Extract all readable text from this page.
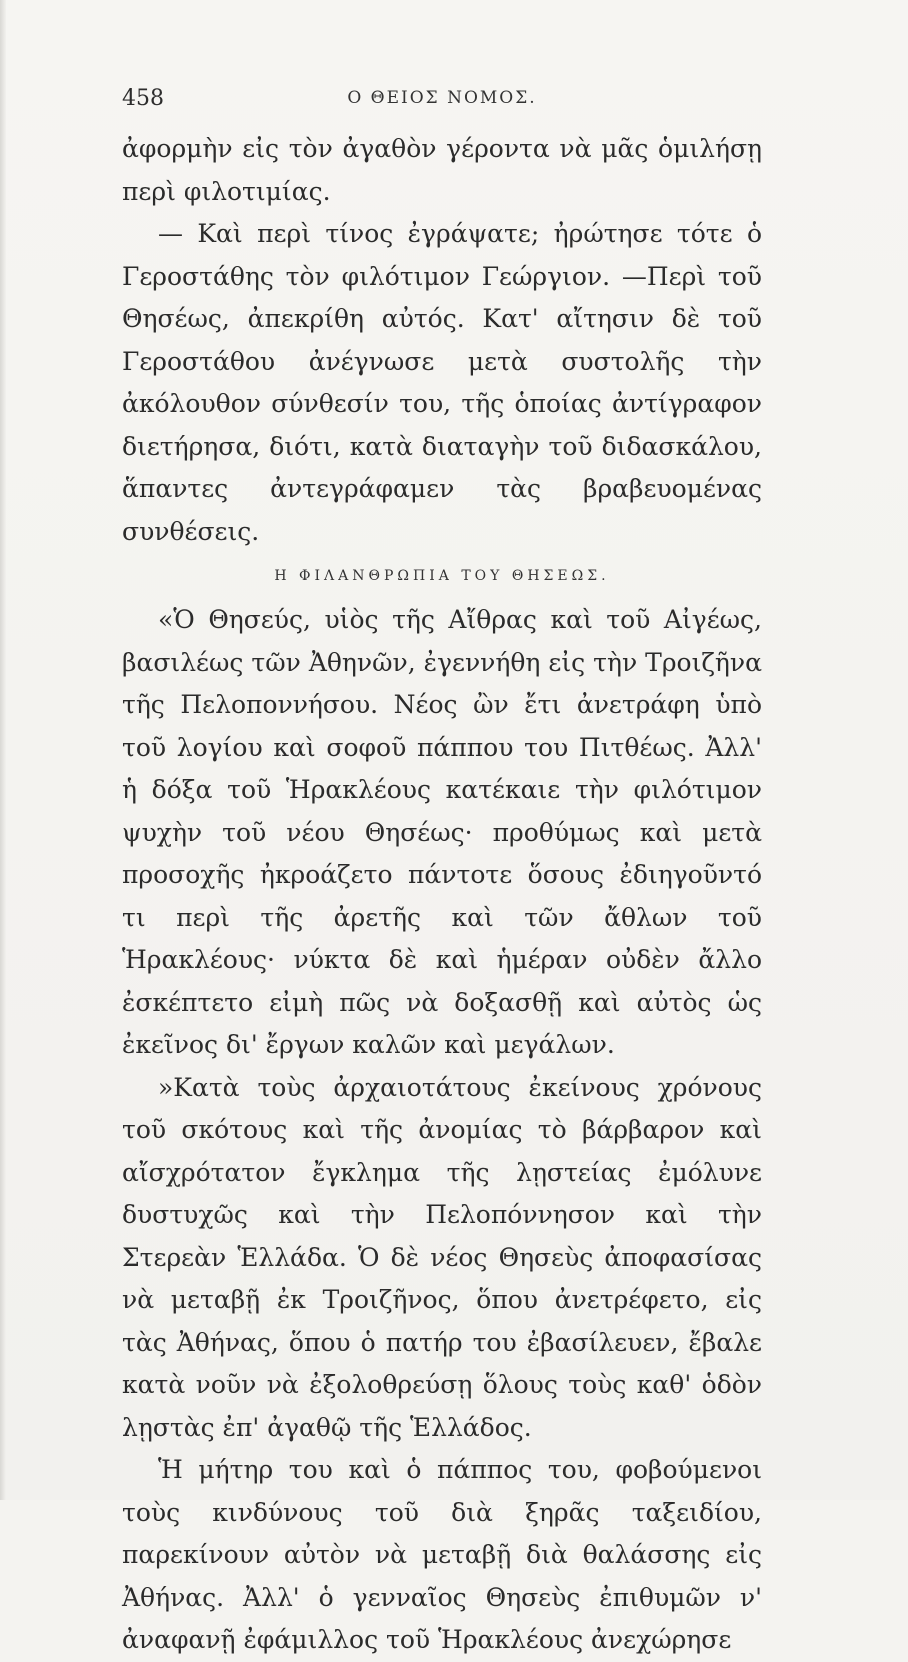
458	Ο ΘΕΙΟΣ ΝΟΜΟΣ.

ἀφορμὴν εἰς τὸν ἀγαθὸν γέροντα νὰ μᾶς ὁμιλήσῃ περὶ φιλοτιμίας.

— Καὶ περὶ τίνος ἐγράψατε; ἠρώτησε τότε ὁ Γεροστάθης τὸν φιλότιμον Γεώργιον. —Περὶ τοῦ Θησέως, ἀπεκρίθη αὐτός. Κατ' αἴτησιν δὲ τοῦ Γεροστάθου ἀνέγνωσε μετὰ συστολῆς τὴν ἀκόλουθον σύνθεσίν του, τῆς ὁποίας ἀντίγραφον διετήρησα, διότι, κατὰ διαταγὴν τοῦ διδασκάλου, ἅπαντες ἀντεγράφαμεν τὰς βραβευομένας συνθέσεις.

Η ΦΙΛΑΝΘΡΩΠΙΑ ΤΟΥ ΘΗΣΕΩΣ.

«Ὁ Θησεύς, υἱὸς τῆς Αἴθρας καὶ τοῦ Αἰγέως, βασιλέως τῶν Ἀθηνῶν, ἐγεννήθη εἰς τὴν Τροιζῆνα τῆς Πελοποννήσου. Νέος ὢν ἔτι ἀνετράφη ὑπὸ τοῦ λογίου καὶ σοφοῦ πάππου του Πιτθέως. Ἀλλ' ἡ δόξα τοῦ Ἡρακλέους κατέκαιε τὴν φιλότιμον ψυχὴν τοῦ νέου Θησέως· προθύμως καὶ μετὰ προσοχῆς ἠκροάζετο πάντοτε ὅσους ἐδιηγοῦντό τι περὶ τῆς ἀρετῆς καὶ τῶν ἄθλων τοῦ Ἡρακλέους· νύκτα δὲ καὶ ἡμέραν οὐδὲν ἄλλο ἐσκέπτετο εἰμὴ πῶς νὰ δοξασθῇ καὶ αὐτὸς ὡς ἐκεῖνος δι' ἔργων καλῶν καὶ μεγάλων.

»Κατὰ τοὺς ἀρχαιοτάτους ἐκείνους χρόνους τοῦ σκότους καὶ τῆς ἀνομίας τὸ βάρβαρον καὶ αἴσχρότατον ἔγκλημα τῆς λῃστείας ἐμόλυνε δυστυχῶς καὶ τὴν Πελοπόννησον καὶ τὴν Στερεὰν Ἑλλάδα. Ὁ δὲ νέος Θησεὺς ἀποφασίσας νὰ μεταβῇ ἐκ Τροιζῆνος, ὅπου ἀνετρέφετο, εἰς τὰς Ἀθήνας, ὅπου ὁ πατήρ του ἐβασίλευεν, ἔβαλε κατὰ νοῦν νὰ ἐξολοθρεύσῃ ὅλους τοὺς καθ' ὁδὸν λῃστὰς ἐπ' ἀγαθῷ τῆς Ἑλλάδος.

Ἡ μήτηρ του καὶ ὁ πάππος του, φοβούμενοι τοὺς κινδύνους τοῦ διὰ ξηρᾶς ταξειδίου, παρεκίνουν αὐτὸν νὰ μεταβῇ διὰ θαλάσσης εἰς Ἀθήνας. Ἀλλ' ὁ γενναῖος Θησεὺς ἐπιθυμῶν ν' ἀναφανῇ ἐφάμιλλος τοῦ Ἡρακλέους ἀνεχώρησε
